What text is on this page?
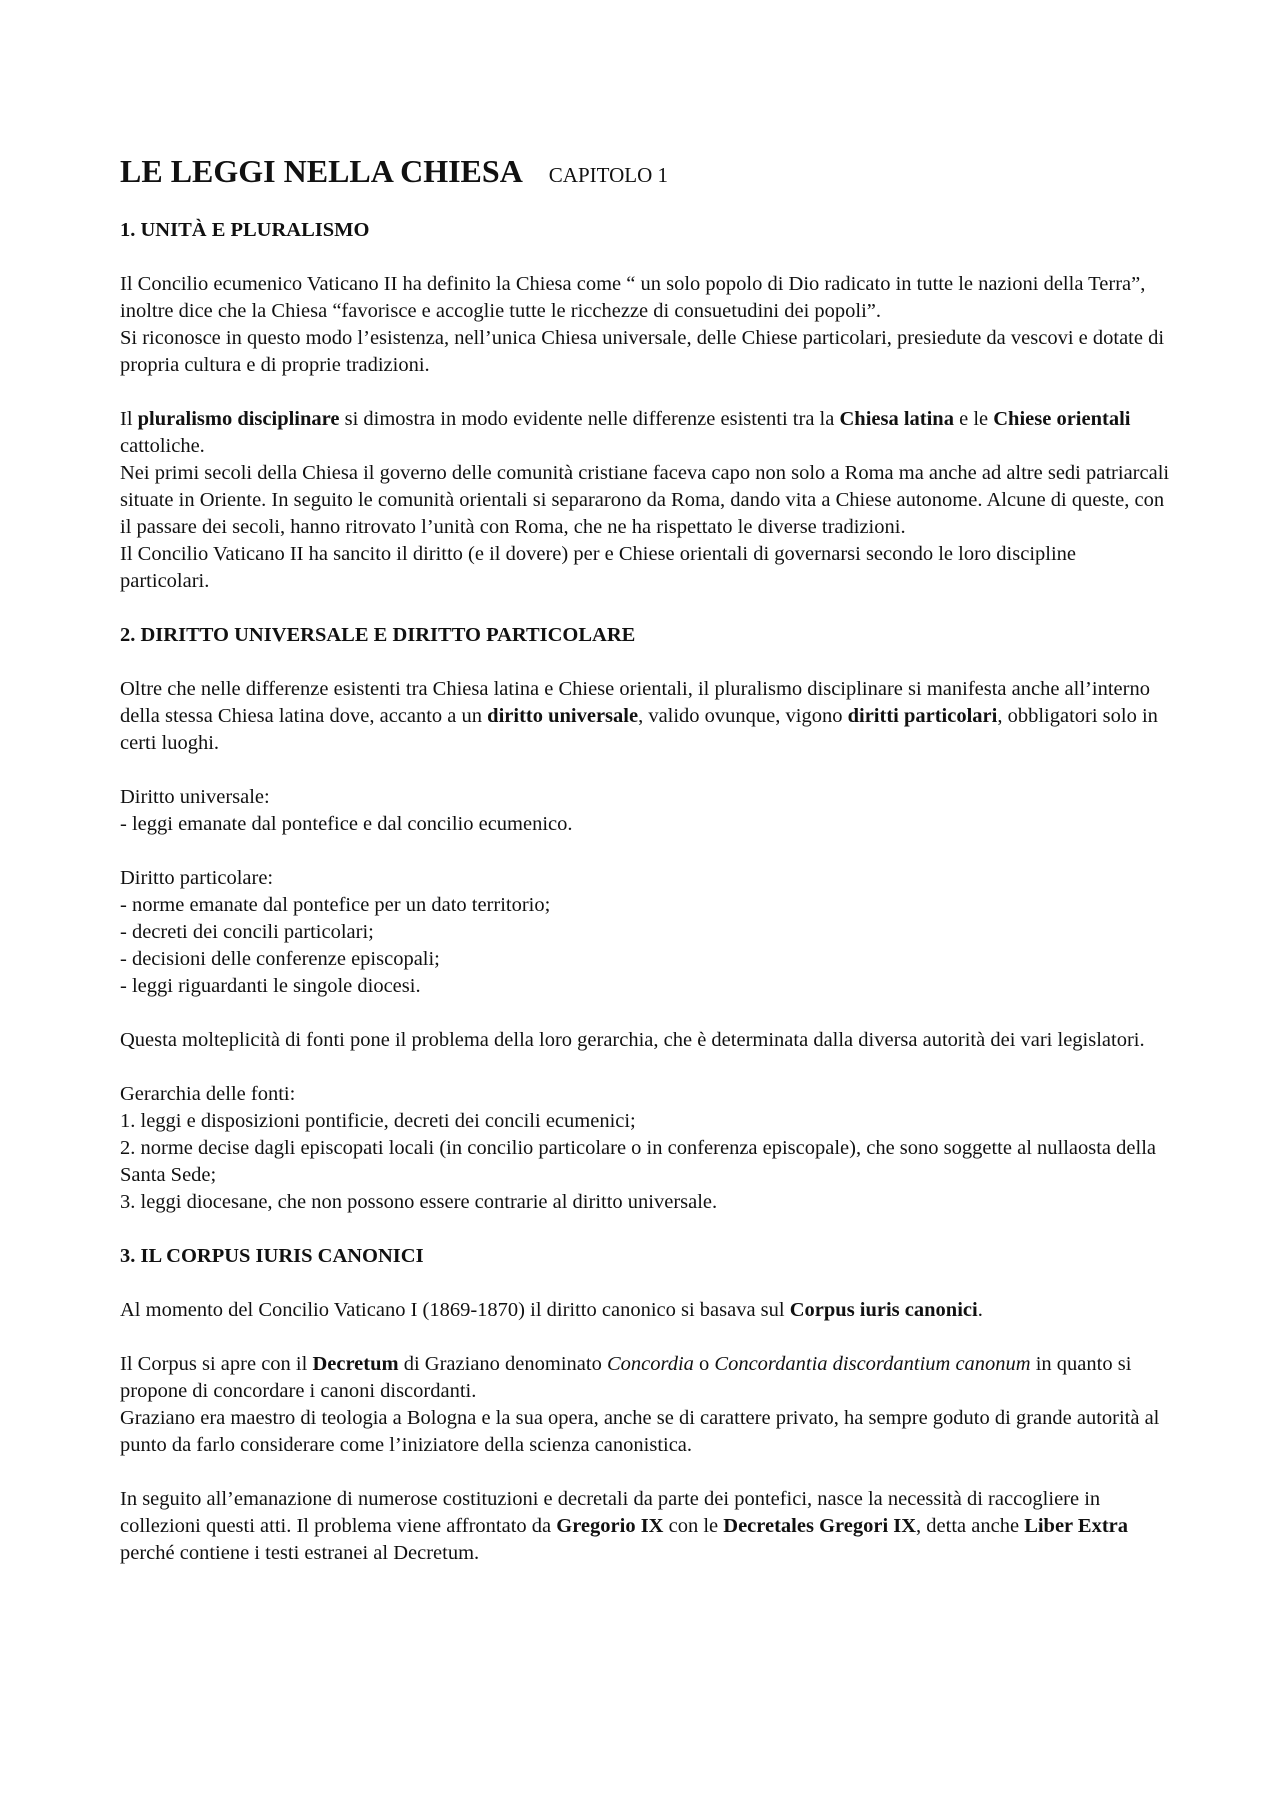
LE LEGGI NELLA CHIESA CAPITOLO 1
1. UNITÀ E PLURALISMO
Il Concilio ecumenico Vaticano II ha definito la Chiesa come “ un solo popolo di Dio radicato in tutte le nazioni della Terra”, inoltre dice che la Chiesa “favorisce e accoglie tutte le ricchezze di consuetudini dei popoli”.

Si riconosce in questo modo l’esistenza, nell’unica Chiesa universale, delle Chiese particolari, presiedute da vescovi e dotate di propria cultura e di proprie tradizioni.

Il pluralismo disciplinare si dimostra in modo evidente nelle differenze esistenti tra la Chiesa latina e le Chiese orientali cattoliche.
Nei primi secoli della Chiesa il governo delle comunità cristiane faceva capo non solo a Roma ma anche ad altre sedi patriarcali situate in Oriente. In seguito le comunità orientali si separarono da Roma, dando vita a Chiese autonome. Alcune di queste, con il passare dei secoli, hanno ritrovato l’unità con Roma, che ne ha rispettato le diverse tradizioni.

Il Concilio Vaticano II ha sancito il diritto (e il dovere) per e Chiese orientali di governarsi secondo le loro discipline particolari.

2. DIRITTO UNIVERSALE E DIRITTO PARTICOLARE

Oltre che nelle differenze esistenti tra Chiesa latina e Chiese orientali, il pluralismo disciplinare si manifesta anche all’interno della stessa Chiesa latina dove, accanto a un diritto universale, valido ovunque, vigono diritti particolari, obbligatori solo in certi luoghi.

Diritto universale:
- leggi emanate dal pontefice e dal concilio ecumenico.

Diritto particolare:
- norme emanate dal pontefice per un dato territorio;
- decreti dei concili particolari;
- decisioni delle conferenze episcopali;
- leggi riguardanti le singole diocesi.

Questa molteplicità di fonti pone il problema della loro gerarchia, che è determinata dalla diversa autorità dei vari legislatori.

Gerarchia delle fonti:
1. leggi e disposizioni pontificie, decreti dei concili ecumenici;
2. norme decise dagli episcopati locali (in concilio particolare o in conferenza episcopale), che sono soggette al nullaosta della Santa Sede;
3. leggi diocesane, che non possono essere contrarie al diritto universale.

3. IL CORPUS IURIS CANONICI

Al momento del Concilio Vaticano I (1869-1870) il diritto canonico si basava sul Corpus iuris canonici.

Il Corpus si apre con il Decretum di Graziano denominato Concordia o Concordantia discordantium canonum in quanto si propone di concordare i canoni discordanti.

Graziano era maestro di teologia a Bologna e la sua opera, anche se di carattere privato, ha sempre goduto di grande autorità al punto da farlo considerare come l’iniziatore della scienza canonistica.

In seguito all’emanazione di numerose costituzioni e decretali da parte dei pontefici, nasce la necessità di raccogliere in collezioni questi atti. Il problema viene affrontato da Gregorio IX con le Decretales Gregori IX, detta anche Liber Extra perché contiene i testi estranei al Decretum.
